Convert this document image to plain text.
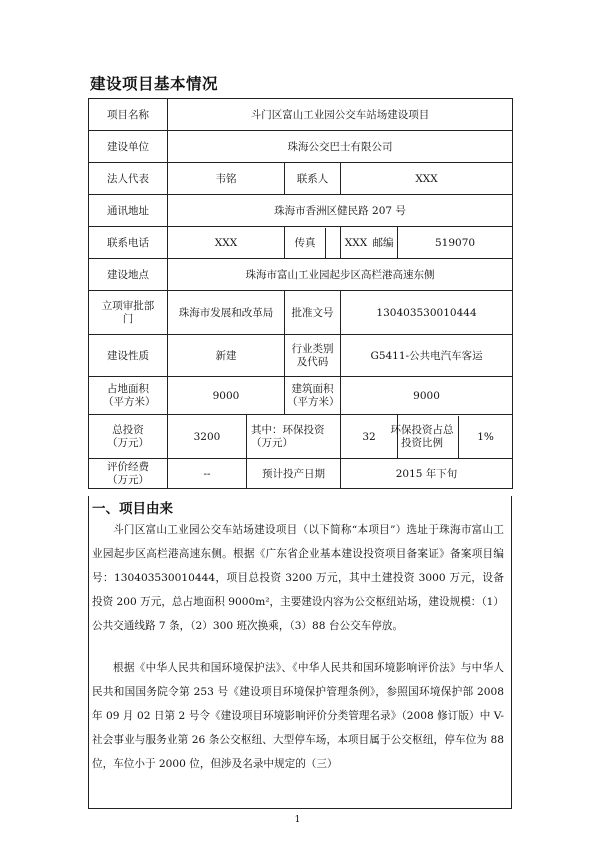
建设项目基本情况
项目名称	斗门区富山工业园公交车站场建设项目				
建设单位	珠海公交巴士有限公司				
法人代表	韦铭		联系人	XXX	
通讯地址	珠海市香洲区健民路 207 号				
联系电话	XXX		传真 XXX	邮编	519070
建设地点	珠海市富山工业园起步区高栏港高速东侧				
立项审批部门	珠海市发展和改革局		批准文号	130403530010444	
建设性质	新建		行业类别及代码	G5411-公共电汽车客运	
占地面积（平方米）	9000		建筑面积（平方米）	9000	
总投资（万元）	3200	其中：环保投资（万元）		32	环保投资占总投资比例 1%

评价经费（万元）	--	预计投产日期		2015 年下旬	
一、项目由来

斗门区富山工业园公交车站场建设项目（以下简称“本项目”）选址于珠海市富山工业园起步区高栏港高速东侧。根据《广东省企业基本建设投资项目备案证》备案项目编号：130403530010444，项目总投资 3200 万元，其中土建投资 3000 万元，设备投资 200 万元，总占地面积 9000m²，主要建设内容为公交枢纽站场，建设规模：（1）公共交通线路 7 条，（2）300 班次换乘，（3）88 台公交车停放。

根据《中华人民共和国环境保护法》、《中华人民共和国环境影响评价法》与中华人民共和国国务院令第 253 号《建设项目环境保护管理条例》，参照国环境保护部 2008 年 09 月 02 日第 2 号令《建设项目环境影响评价分类管理名录》（2008 修订版）中 V-社会事业与服务业第 26 条公交枢纽、大型停车场，本项目属于公交枢纽，停车位为 88 位，车位小于 2000 位，但涉及名录中规定的（三）

1
